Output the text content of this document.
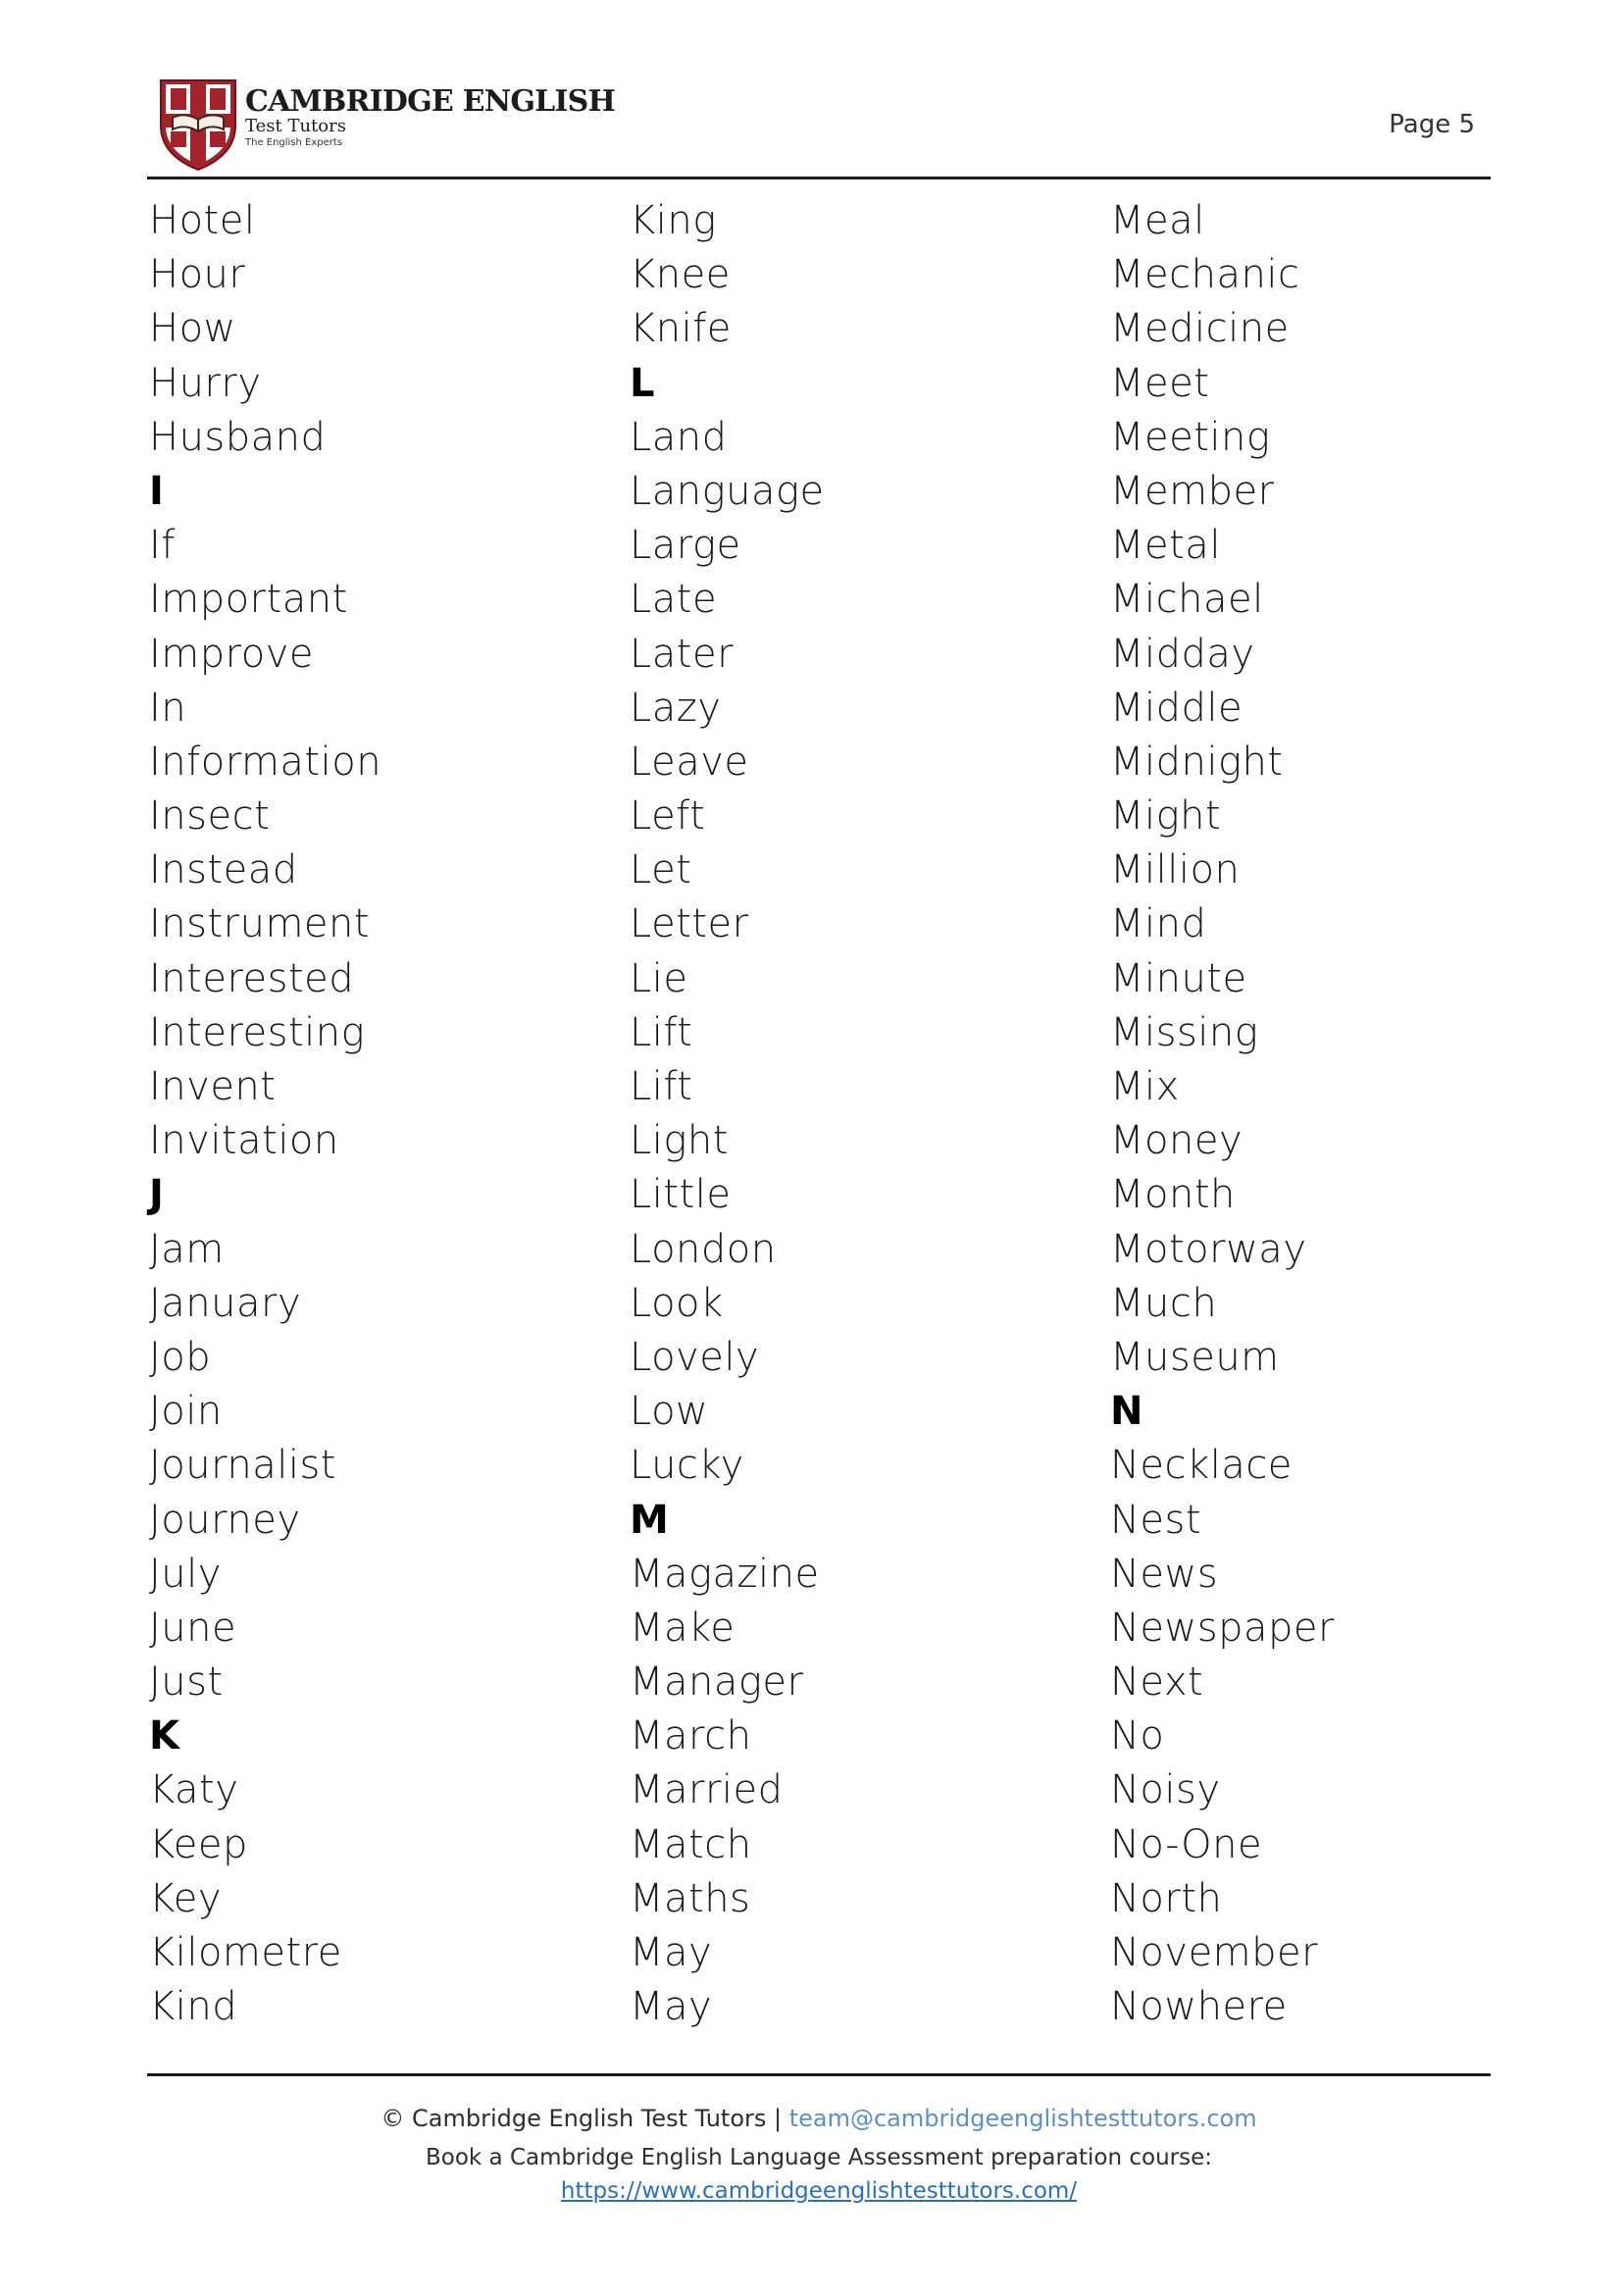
CAMBRIDGE ENGLISH
Test Tutors
The English Experts
Page 5
Hotel
Hour
How
Hurry
Husband
I
If
Important
Improve
In
Information
Insect
Instead
Instrument
Interested
Interesting
Invent
Invitation
J
Jam
January
Job
Join
Journalist
Journey
July
June
Just
K
Katy
Keep
Key
Kilometre
Kind
King
Knee
Knife
L
Land
Language
Large
Late
Later
Lazy
Leave
Left
Let
Letter
Lie
Lift
Lift
Light
Little
London
Look
Lovely
Low
Lucky
M
Magazine
Make
Manager
March
Married
Match
Maths
May
May
Meal
Mechanic
Medicine
Meet
Meeting
Member
Metal
Michael
Midday
Middle
Midnight
Might
Million
Mind
Minute
Missing
Mix
Money
Month
Motorway
Much
Museum
N
Necklace
Nest
News
Newspaper
Next
No
Noisy
No-One
North
November
Nowhere
© Cambridge English Test Tutors | team@cambridgeenglishtesttutors.com
Book a Cambridge English Language Assessment preparation course:
https://www.cambridgeenglishtesttutors.com/
